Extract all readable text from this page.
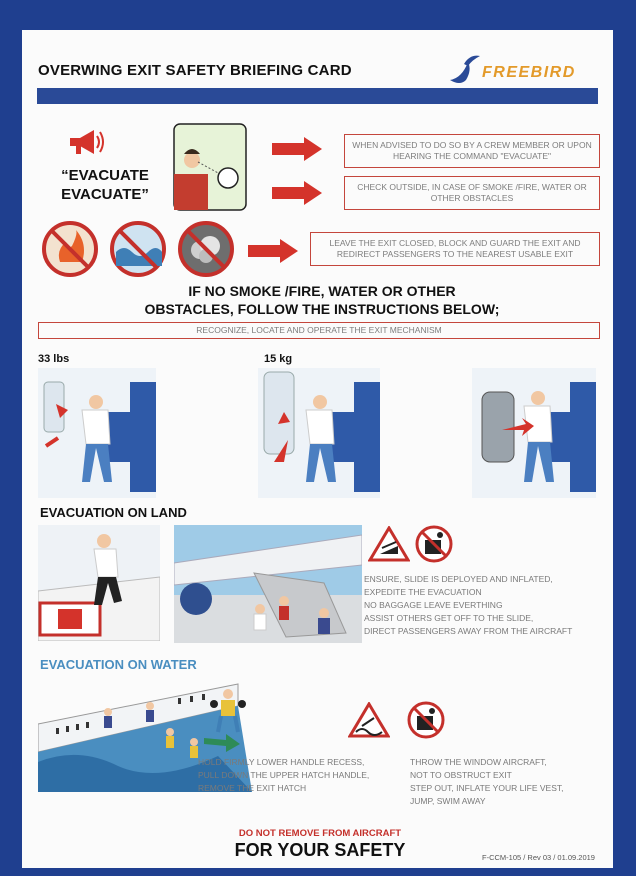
OVERWING EXIT SAFETY BRIEFING CARD	FREEBIRD
“EVACUATE
EVACUATE”
WHEN ADVISED TO DO SO BY A CREW MEMBER OR UPON HEARING THE COMMAND "EVACUATE"
CHECK OUTSIDE, IN CASE OF SMOKE /FIRE, WATER OR OTHER OBSTACLES
LEAVE THE EXIT CLOSED, BLOCK AND GUARD THE EXIT AND REDIRECT PASSENGERS TO THE NEAREST USABLE EXIT
IF NO SMOKE /FIRE, WATER OR OTHER
OBSTACLES, FOLLOW THE INSTRUCTIONS BELOW;
RECOGNIZE, LOCATE AND OPERATE THE EXIT MECHANISM
33 lbs	15 kg
EVACUATION ON LAND
ENSURE, SLIDE IS DEPLOYED AND INFLATED,
EXPEDITE THE EVACUATION
NO BAGGAGE LEAVE EVERTHING
ASSIST OTHERS GET OFF TO THE SLIDE,
DIRECT PASSENGERS AWAY FROM THE AIRCRAFT
EVACUATION ON WATER
HOLD FIRMLY LOWER HANDLE RECESS,
PULL DOWN THE UPPER HATCH HANDLE,
REMOVE THE EXIT HATCH
THROW THE WINDOW AIRCRAFT,
NOT TO OBSTRUCT EXIT
STEP OUT, INFLATE YOUR LIFE VEST,
JUMP, SWIM AWAY
DO NOT REMOVE FROM AIRCRAFT
FOR YOUR SAFETY	F-CCM-105 / Rev 03 / 01.09.2019
